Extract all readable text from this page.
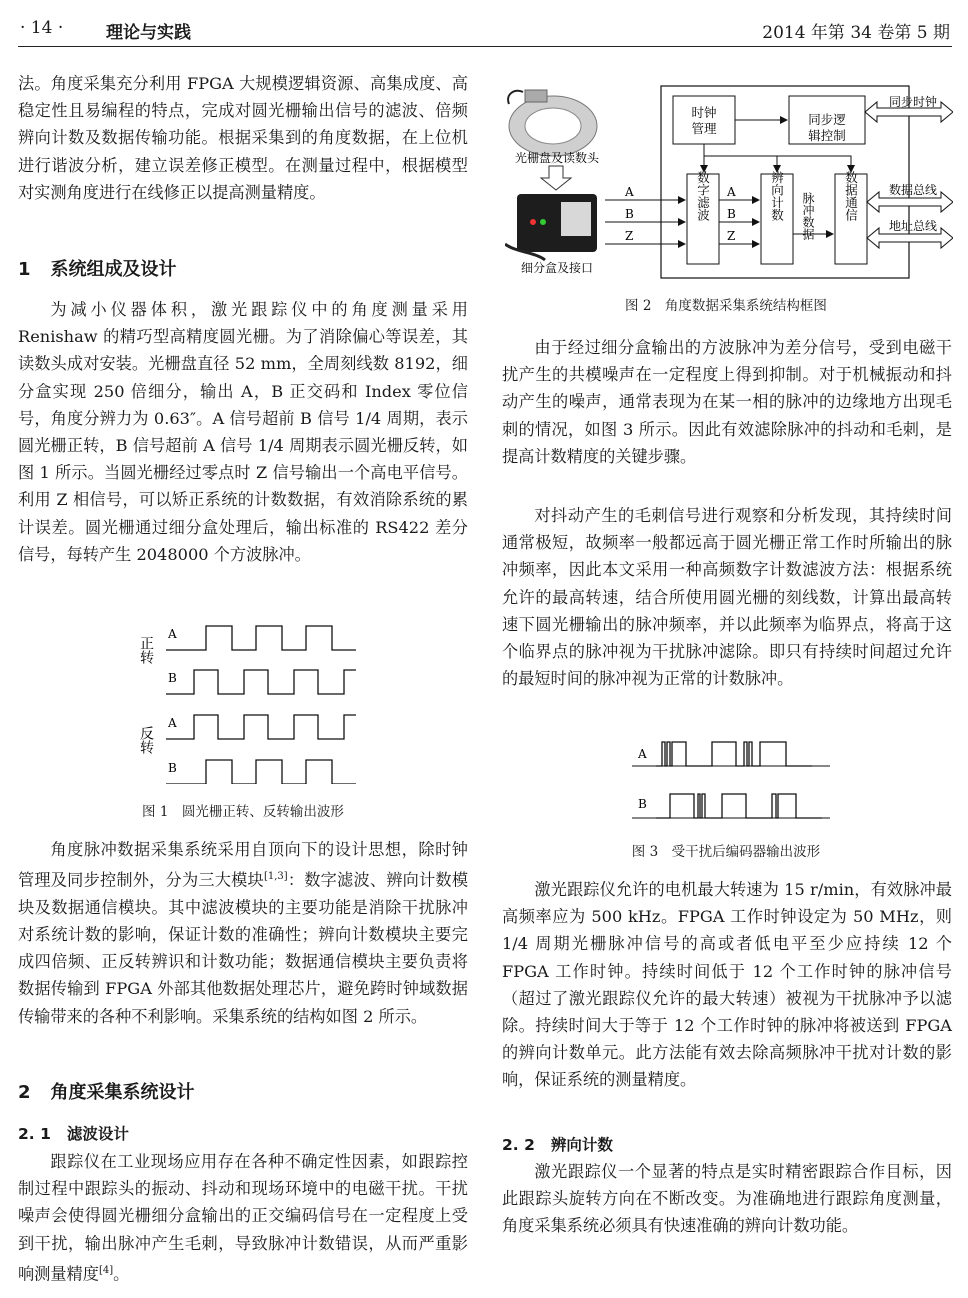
· 14 ·	理论与实践	2014 年第 34 卷第 5 期

法。角度采集充分利用 FPGA 大规模逻辑资源、高集成度、高稳定性且易编程的特点，完成对圆光栅输出信号的滤波、倍频辨向计数及数据传输功能。根据采集到的角度数据，在上位机进行谐波分析，建立误差修正模型。在测量过程中，根据模型对实测角度进行在线修正以提高测量精度。

1 系统组成及设计

为减小仪器体积，激光跟踪仪中的角度测量采用 Renishaw 的精巧型高精度圆光栅。为了消除偏心等误差，其读数头成对安装。光栅盘直径 52 mm，全周刻线数 8192，细分盒实现 250 倍细分，输出 A，B 正交码和 Index 零位信号，角度分辨力为 0.63″。A 信号超前 B 信号 1/4 周期，表示圆光栅正转，B 信号超前 A 信号 1/4 周期表示圆光栅反转，如图 1 所示。当圆光栅经过零点时 Z 信号输出一个高电平信号。利用 Z 相信号，可以矫正系统的计数数据，有效消除系统的累计误差。圆光栅通过细分盒处理后，输出标准的 RS422 差分信号，每转产生 2048000 个方波脉冲。

正转
反转
A
B
A
B
图 1　圆光栅正转、反转输出波形

角度脉冲数据采集系统采用自顶向下的设计思想，除时钟管理及同步控制外，分为三大模块[1,3]：数字滤波、辨向计数模块及数据通信模块。其中滤波模块的主要功能是消除干扰脉冲对系统计数的影响，保证计数的准确性；辨向计数模块主要完成四倍频、正反转辨识和计数功能；数据通信模块主要负责将数据传输到 FPGA 外部其他数据处理芯片，避免跨时钟域数据传输带来的各种不利影响。采集系统的结构如图 2 所示。

2 角度采集系统设计
2. 1 滤波设计

跟踪仪在工业现场应用存在各种不确定性因素，如跟踪控制过程中跟踪头的振动、抖动和现场环境中的电磁干扰。干扰噪声会使得圆光栅细分盒输出的正交编码信号在一定程度上受到干扰，输出脉冲产生毛刺，导致脉冲计数错误，从而严重影响测量精度[4]。

光栅盘及读数头
细分盒及接口
A
B
Z
时钟管理
同步逻辑控制
数字滤波	辨向计数	数据通信
A
B
Z	脉冲数据
同步时钟
数据总线
地址总线
图 2　角度数据采集系统结构框图

由于经过细分盒输出的方波脉冲为差分信号，受到电磁干扰产生的共模噪声在一定程度上得到抑制。对于机械振动和抖动产生的噪声，通常表现为在某一相的脉冲的边缘地方出现毛刺的情况，如图 3 所示。因此有效滤除脉冲的抖动和毛刺，是提高计数精度的关键步骤。

对抖动产生的毛刺信号进行观察和分析发现，其持续时间通常极短，故频率一般都远高于圆光栅正常工作时所输出的脉冲频率，因此本文采用一种高频数字计数滤波方法：根据系统允许的最高转速，结合所使用圆光栅的刻线数，计算出最高转速下圆光栅输出的脉冲频率，并以此频率为临界点，将高于这个临界点的脉冲视为干扰脉冲滤除。即只有持续时间超过允许的最短时间的脉冲视为正常的计数脉冲。

A
B
图 3　受干扰后编码器输出波形

激光跟踪仪允许的电机最大转速为 15 r/min，有效脉冲最高频率应为 500 kHz。FPGA 工作时钟设定为 50 MHz，则 1/4 周期光栅脉冲信号的高或者低电平至少应持续 12 个 FPGA 工作时钟。持续时间低于 12 个工作时钟的脉冲信号（超过了激光跟踪仪允许的最大转速）被视为干扰脉冲予以滤除。持续时间大于等于 12 个工作时钟的脉冲将被送到 FPGA 的辨向计数单元。此方法能有效去除高频脉冲干扰对计数的影响，保证系统的测量精度。

2. 2 辨向计数

激光跟踪仪一个显著的特点是实时精密跟踪合作目标，因此跟踪头旋转方向在不断改变。为准确地进行跟踪角度测量，角度采集系统必须具有快速准确的辨向计数功能。
